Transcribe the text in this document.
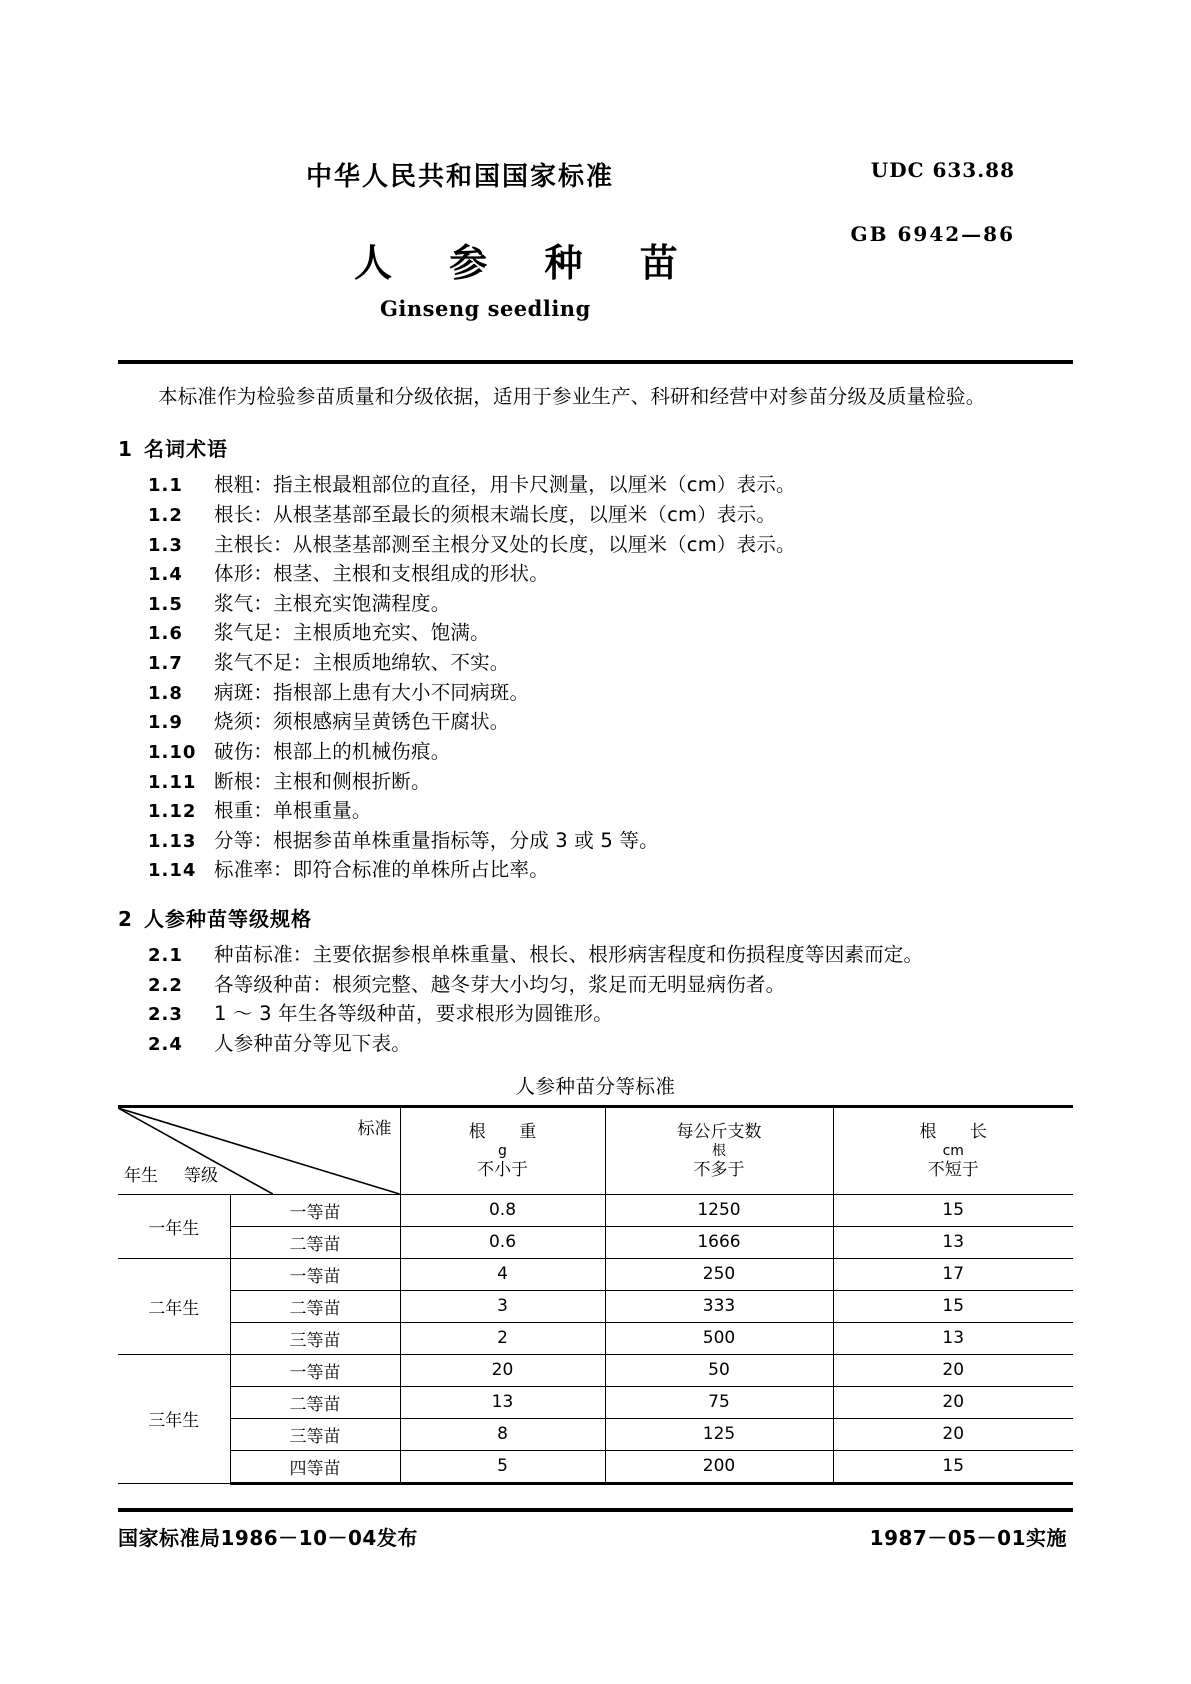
中华人民共和国国家标准	UDC 633.88
GB 6942—86
人 参 种 苗
Ginseng seedling

本标准作为检验参苗质量和分级依据，适用于参业生产、科研和经营中对参苗分级及质量检验。

1 名词术语
1.1	根粗：指主根最粗部位的直径，用卡尺测量，以厘米（cm）表示。
1.2	根长：从根茎基部至最长的须根末端长度，以厘米（cm）表示。
1.3	主根长：从根茎基部测至主根分叉处的长度，以厘米（cm）表示。
1.4	体形：根茎、主根和支根组成的形状。
1.5	浆气：主根充实饱满程度。
1.6	浆气足：主根质地充实、饱满。
1.7	浆气不足：主根质地绵软、不实。
1.8	病斑：指根部上患有大小不同病斑。
1.9	烧须：须根感病呈黄锈色干腐状。
1.10 破伤：根部上的机械伤痕。
1.11 断根：主根和侧根折断。
1.12 根重：单根重量。
1.13 分等：根据参苗单株重量指标等，分成 3 或 5 等。
1.14 标准率：即符合标准的单株所占比率。
2 人参种苗等级规格
2.1	种苗标准：主要依据参根单株重量、根长、根形病害程度和伤损程度等因素而定。
2.2	各等级种苗：根须完整、越冬芽大小均匀，浆足而无明显病伤者。
2.3	1 ～ 3 年生各等级种苗，要求根形为圆锥形。
2.4	人参种苗分等见下表。
人参种苗分等标准
标准
等级
年生

根 重
g
不小于

每公斤支数
根
不多于

根 长
cm
不短于

一年生	一等苗	0.8	1250	15
	二等苗	0.6	1666	13
二年生	一等苗	4	250	17
	二等苗	3	333	15
	三等苗	2	500	13
三年生	一等苗	20	50	20
	二等苗	13	75	20
	三等苗	8	125	20
	四等苗	5	200	15
国家标准局1986－10－04发布	1987－05－01实施
